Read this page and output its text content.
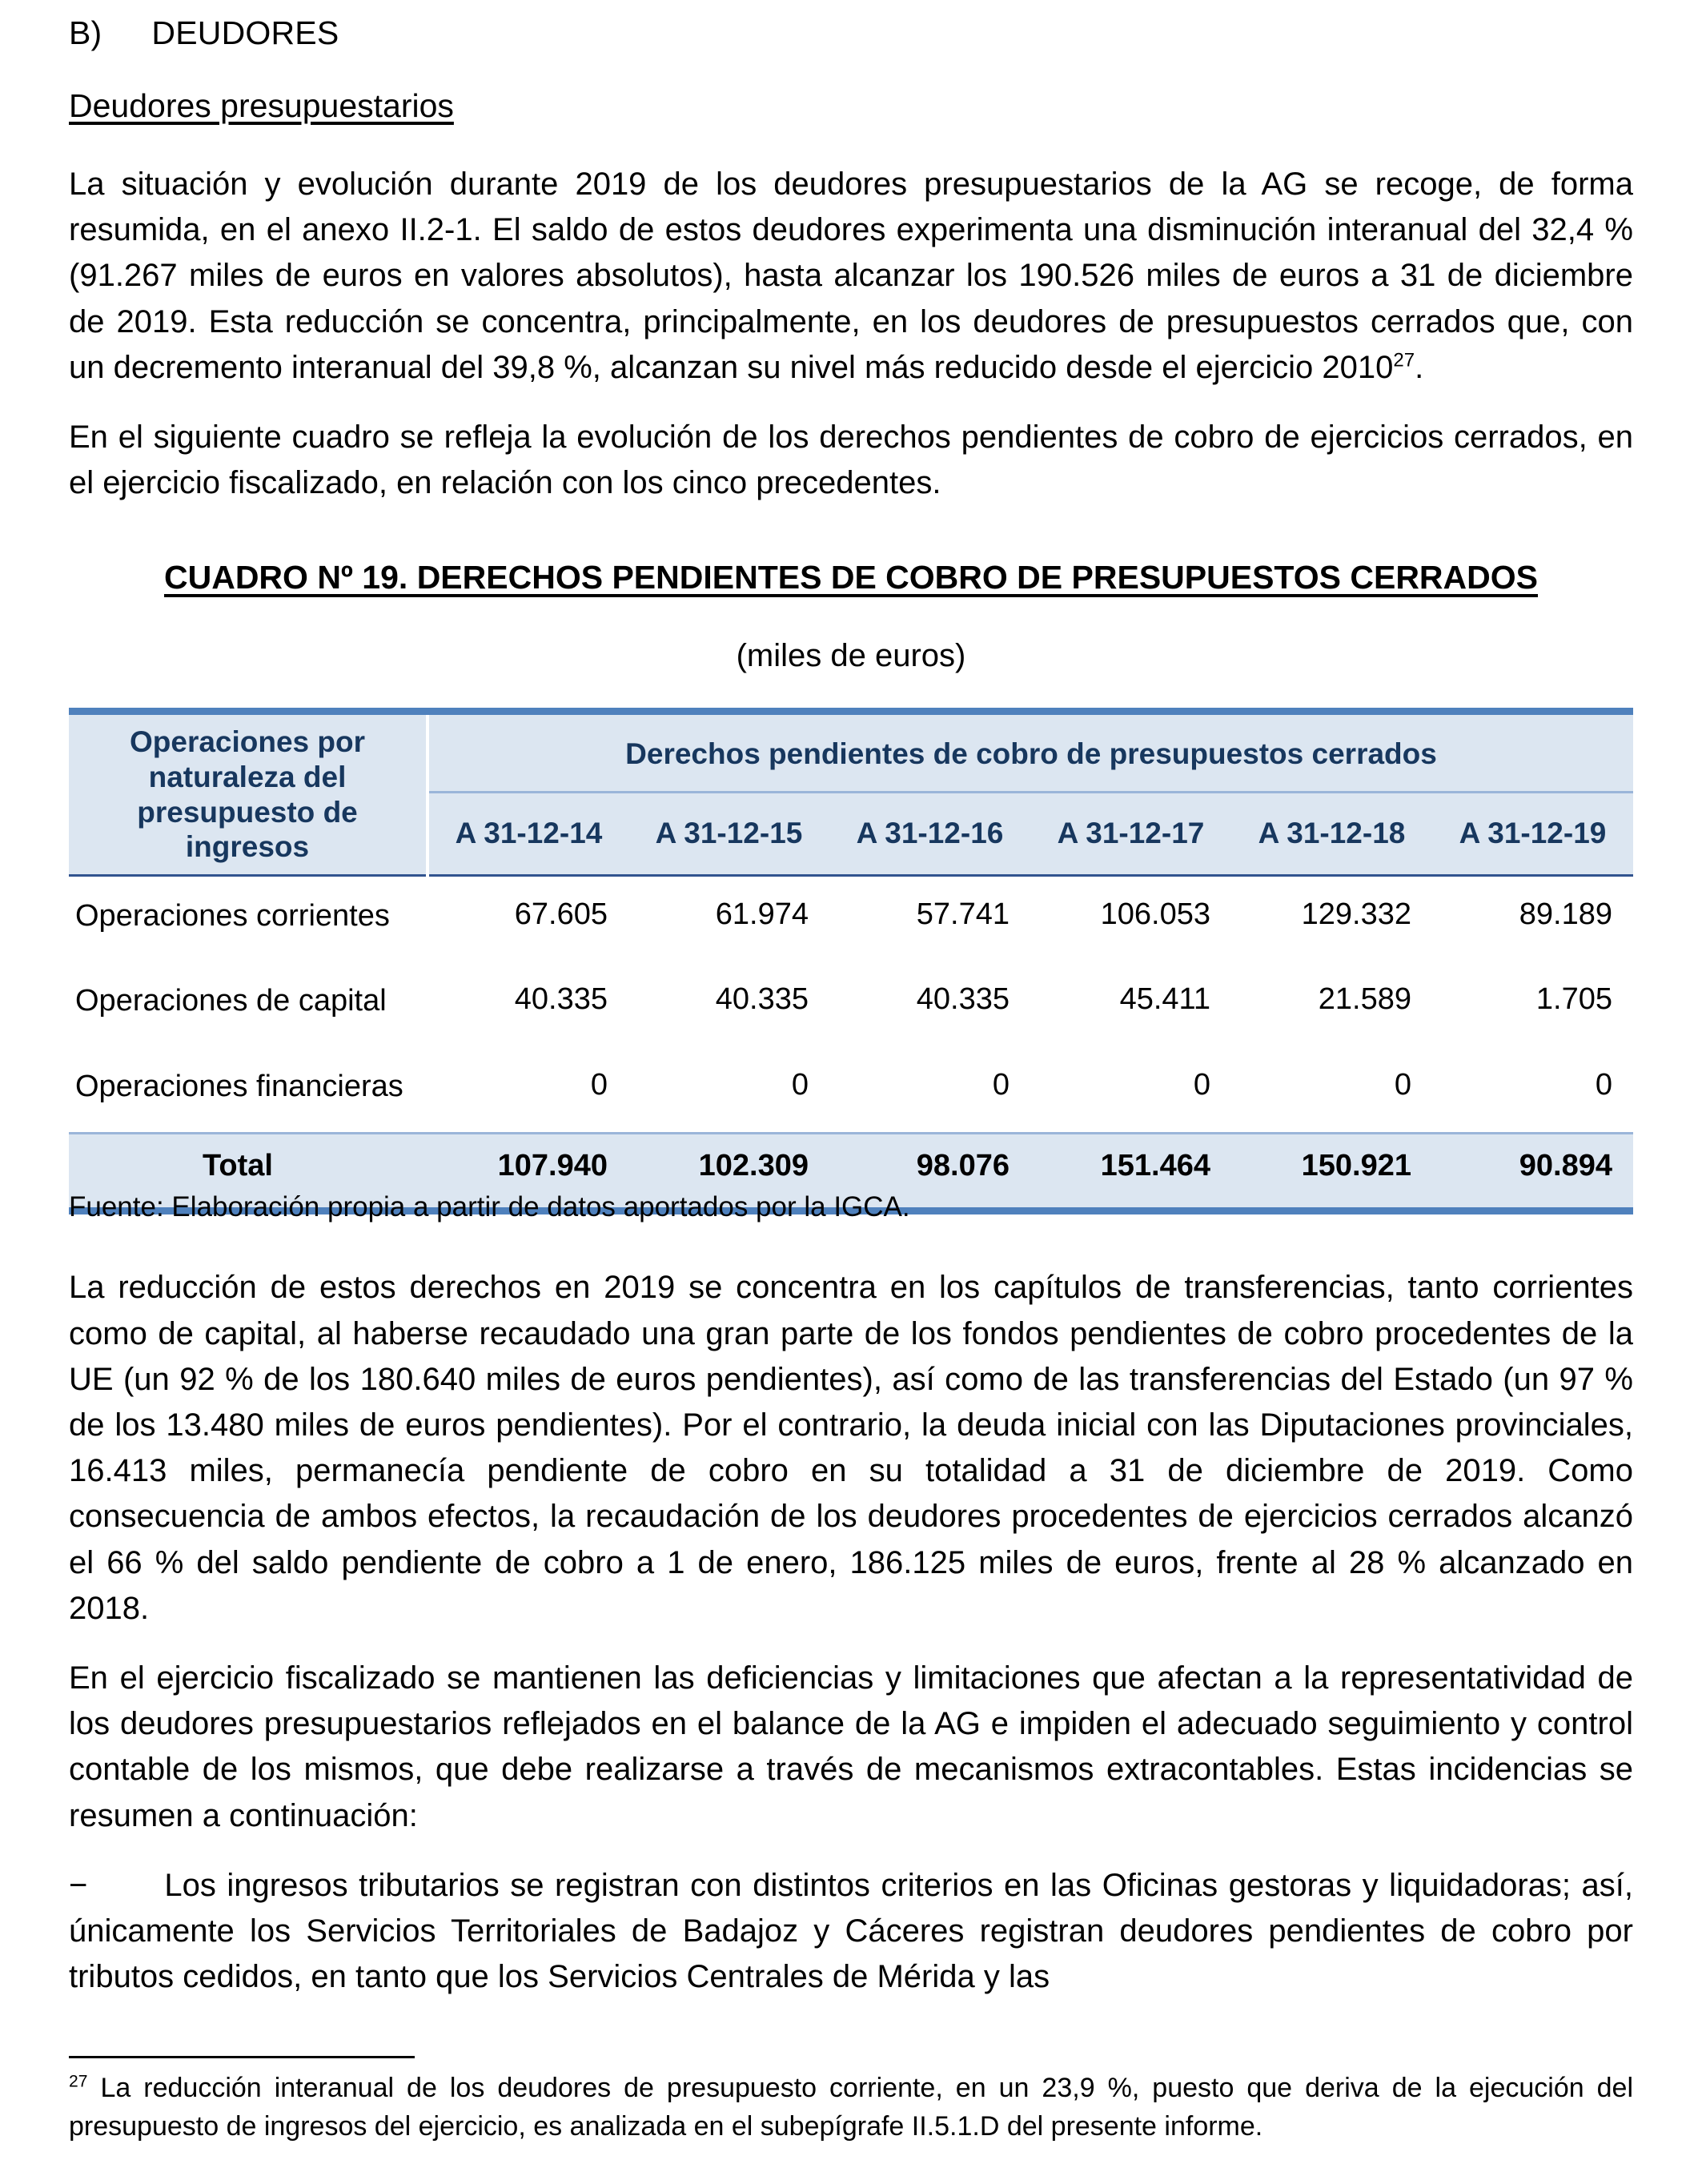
B) DEUDORES
Deudores presupuestarios

La situación y evolución durante 2019 de los deudores presupuestarios de la AG se recoge, de forma resumida, en el anexo II.2-1. El saldo de estos deudores experimenta una disminución interanual del 32,4 % (91.267 miles de euros en valores absolutos), hasta alcanzar los 190.526 miles de euros a 31 de diciembre de 2019. Esta reducción se concentra, principalmente, en los deudores de presupuestos cerrados que, con un decremento interanual del 39,8 %, alcanzan su nivel más reducido desde el ejercicio 2010$^{27}$.

En el siguiente cuadro se refleja la evolución de los derechos pendientes de cobro de ejercicios cerrados, en el ejercicio fiscalizado, en relación con los cinco precedentes.

CUADRO Nº 19. DERECHOS PENDIENTES DE COBRO DE PRESUPUESTOS CERRADOS

(miles de euros)

Operaciones por naturaleza del presupuesto de ingresos	Derechos pendientes de cobro de presupuestos cerrados					
	A 31-12-14	A 31-12-15	A 31-12-16	A 31-12-17	A 31-12-18	A 31-12-19
Operaciones corrientes	67.605	61.974	57.741	106.053	129.332	89.189
Operaciones de capital	40.335	40.335	40.335	45.411	21.589	1.705
Operaciones financieras	0	0	0	0	0	0
Total	107.940	102.309	98.076	151.464	150.921	90.894

Fuente: Elaboración propia a partir de datos aportados por la IGCA.

La reducción de estos derechos en 2019 se concentra en los capítulos de transferencias, tanto corrientes como de capital, al haberse recaudado una gran parte de los fondos pendientes de cobro procedentes de la UE (un 92 % de los 180.640 miles de euros pendientes), así como de las transferencias del Estado (un 97 % de los 13.480 miles de euros pendientes). Por el contrario, la deuda inicial con las Diputaciones provinciales, 16.413 miles, permanecía pendiente de cobro en su totalidad a 31 de diciembre de 2019. Como consecuencia de ambos efectos, la recaudación de los deudores procedentes de ejercicios cerrados alcanzó el 66 % del saldo pendiente de cobro a 1 de enero, 186.125 miles de euros, frente al 28 % alcanzado en 2018.

En el ejercicio fiscalizado se mantienen las deficiencias y limitaciones que afectan a la representatividad de los deudores presupuestarios reflejados en el balance de la AG e impiden el adecuado seguimiento y control contable de los mismos, que debe realizarse a través de mecanismos extracontables. Estas incidencias se resumen a continuación:

− Los ingresos tributarios se registran con distintos criterios en las Oficinas gestoras y liquidadoras; así, únicamente los Servicios Territoriales de Badajoz y Cáceres registran deudores pendientes de cobro por tributos cedidos, en tanto que los Servicios Centrales de Mérida y las

$^{27}$ La reducción interanual de los deudores de presupuesto corriente, en un 23,9 %, puesto que deriva de la ejecución del presupuesto de ingresos del ejercicio, es analizada en el subepígrafe II.5.1.D del presente informe.
